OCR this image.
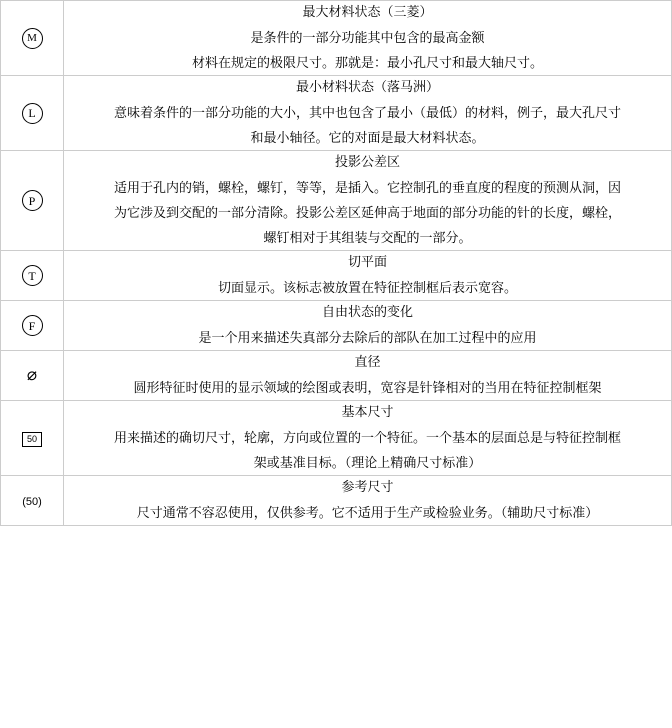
M	最大材料状态（三菱）
是条件的一部分功能其中包含的最高金额
材料在规定的极限尺寸。那就是：最小孔尺寸和最大轴尺寸。

L	最小材料状态（落马洲）
意味着条件的一部分功能的大小，其中也包含了最小（最低）的材料，例子，最大孔尺寸
和最小轴径。它的对面是最大材料状态。

P	投影公差区
适用于孔内的销，螺栓，螺钉，等等，是插入。它控制孔的垂直度的程度的预测从洞，因
为它涉及到交配的一部分清除。投影公差区延伸高于地面的部分功能的针的长度，螺栓，
螺钉相对于其组装与交配的一部分。

T	切平面
切面显示。该标志被放置在特征控制框后表示宽容。

F	自由状态的变化
是一个用来描述失真部分去除后的部队在加工过程中的应用

⌀	直径
圆形特征时使用的显示领域的绘图或表明，宽容是针锋相对的当用在特征控制框架

50	基本尺寸
用来描述的确切尺寸，轮廓，方向或位置的一个特征。一个基本的层面总是与特征控制框
架或基准目标。（理论上精确尺寸标准）

(50)	参考尺寸
尺寸通常不容忍使用，仅供参考。它不适用于生产或检验业务。（辅助尺寸标准）
